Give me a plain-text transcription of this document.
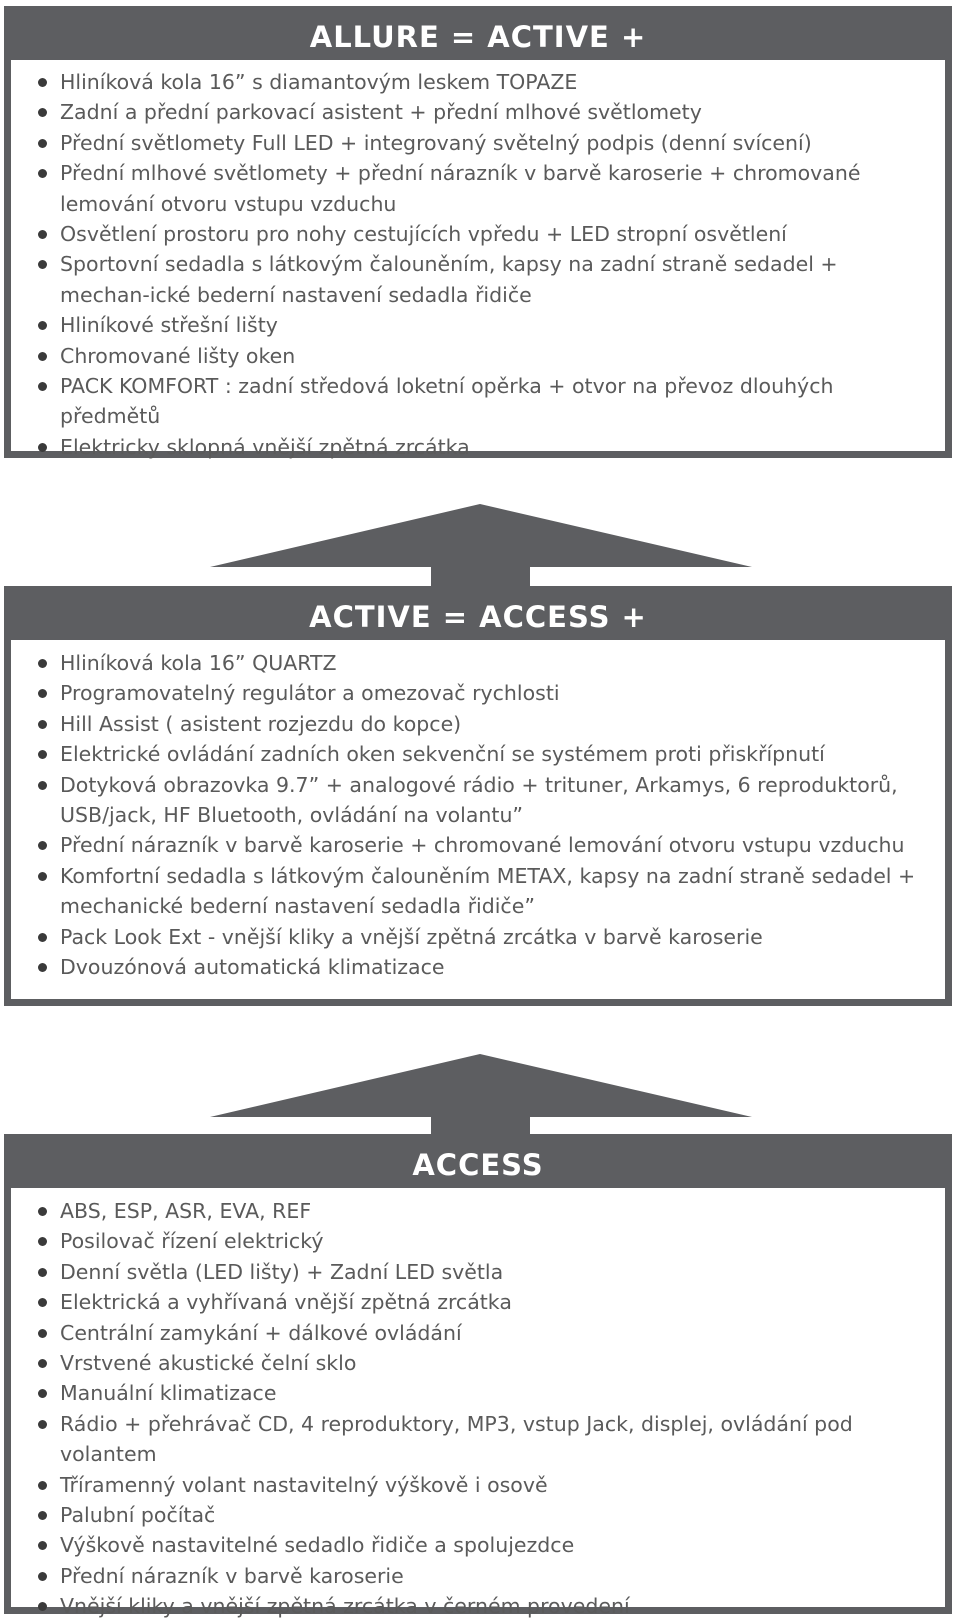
ALLURE = ACTIVE +
Hliníková kola 16” s diamantovým leskem TOPAZE
Zadní a přední parkovací asistent + přední mlhové světlomety
Přední světlomety Full LED + integrovaný světelný podpis (denní svícení)
Přední mlhové světlomety + přední nárazník v barvě karoserie + chromované lemování otvoru vstupu vzduchu
Osvětlení prostoru pro nohy cestujících vpředu + LED stropní osvětlení
Sportovní sedadla s látkovým čalouněním, kapsy na zadní straně sedadel + mechan-ické bederní nastavení sedadla řidiče
Hliníkové střešní lišty
Chromované lišty oken
PACK KOMFORT : zadní středová loketní opěrka + otvor na převoz dlouhých předmětů
Elektricky sklopná vnější zpětná zrcátka
ACTIVE = ACCESS +
Hliníková kola 16” QUARTZ
Programovatelný regulátor a omezovač rychlosti
Hill Assist ( asistent rozjezdu do kopce)
Elektrické ovládání zadních oken sekvenční se systémem proti přiskřípnutí
Dotyková obrazovka 9.7” + analogové rádio + trituner, Arkamys, 6 reproduktorů, USB/jack, HF Bluetooth, ovládání na volantu”
Přední nárazník v barvě karoserie + chromované lemování otvoru vstupu vzduchu
Komfortní sedadla s látkovým čalouněním METAX, kapsy na zadní straně sedadel + mechanické bederní nastavení sedadla řidiče”
Pack Look Ext - vnější kliky a vnější zpětná zrcátka v barvě karoserie
Dvouzónová automatická klimatizace
ACCESS
ABS, ESP, ASR, EVA, REF
Posilovač řízení elektrický
Denní světla (LED lišty) + Zadní LED světla
Elektrická a vyhřívaná vnější zpětná zrcátka
Centrální zamykání + dálkové ovládání
Vrstvené akustické čelní sklo
Manuální klimatizace
Rádio + přehrávač CD, 4 reproduktory, MP3, vstup Jack, displej, ovládání pod volantem
Tříramenný volant nastavitelný výškově i osově
Palubní počítač
Výškově nastavitelné sedadlo řidiče a spolujezdce
Přední nárazník v barvě karoserie
Vnější kliky a vnější zpětná zrcátka v černém provedení
